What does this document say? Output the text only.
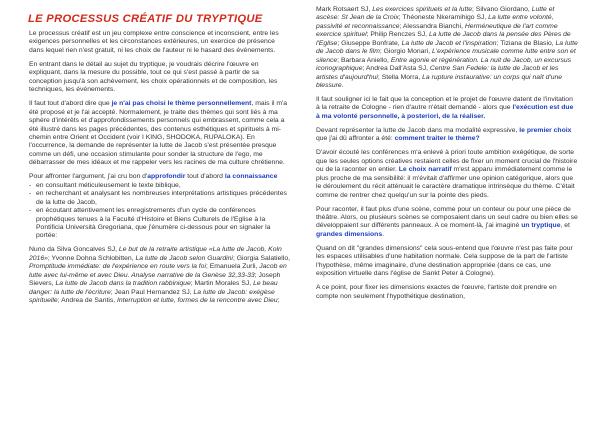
LE PROCESSUS CRÉATIF DU TRYPTIQUE

Le processus créatif est un jeu complexe entre conscience et inconscient, entre les exigences personnelles et les circonstances extérieures, un exercice de présence dans lequel rien n'est gratuit, ni les choix de l'auteur ni le hasard des événements.

En entrant dans le détail au sujet du tryptique, je voudrais décrire l'œuvre en expliquant, dans la mesure du possible, tout ce qui s'est passé à partir de sa conception jusqu'à son achèvement, les choix opérationnels et de composition, les techniques, les événements.

Il faut tout d'abord dire que je n'ai pas choisi le thème personnellement, mais il m'a été proposé et je l'ai accepté. Normalement, je traite des thèmes qui sont liés à ma sphère d'intérêts et d'approfondissements personnels qui embrassent, comme cela a été illustré dans les pages précédentes, des contenus esthétiques et spirituels à mi-chemin entre Orient et Occident (voir I KING, SHODOKA, RUPALOKA). En l'occurrence, la demande de représenter la lutte de Jacob s'est présentée presque comme un défi, une occasion stimulante pour sonder la structure de l'ego, me débarrasser de mes idéaux et me rappeler vers les racines de ma culture chrétienne.

Pour affronter l'argument, j'ai cru bon d'approfondir tout d'abord la connaissance

- en consultant méticuleusement le texte biblique,
- en recherchant et analysant les nombreuses interprétations artistiques précédentes de la lutte de Jacob,
- en écoutant attentivement les enregistrements d'un cycle de conférences prophétiques tenues à la Faculté d'Histoire et Biens Culturels de l'Eglise à la Pontificia Università Gregoriana, que j'énumère ci-dessous pour en signaler la portée:

Nuno da Silva Goncalves SJ, Le but de la retraite artistique «La lutte de Jacob, Koln 2016»; Yvonne Dohna Schlobitten, La lutte de Jacob selon Guardini; Giorgia Salatiello, Promptitude immédiate: de l'expérience en route vers la foi; Emanuela Zurli, Jacob en lutte avec lui-même et avec Dieu. Analyse narrative de la Genèse 32,33-33; Joseph Sievers, La lutte de Jacob dans la tradition rabbinique; Martin Morales SJ, Le beau danger: la lutte de l'écriture; Jean Paul Hernandez SJ, La lutte de Jacob: exégèse spirituelle; Andrea de Santis, Interruption et lutte, formes de la rencontre avec Dieu;

Mark Rotsaert SJ, Les exercices spirituels et la lutte; Silvano Giordano, Lutte et ascèse: St Jean de la Croix; Théoneste Nkeramihigo SJ, La lutte entre volonté, passivité et reconnaissance; Alessandra Bianchi, Herméneutique de l'art comme exercice spirituel; Philip Renczes SJ, La lutte de Jacob dans la pensée des Pères de l'Eglise; Giuseppe Bonfrate, La lutte de Jacob et l'inspiration; Tiziana de Blasio, La lutte de Jacob dans le film; Giorgio Monari, L'expérience musicale comme lutte entre son et silence; Barbara Aniello, Entre agonie et régénération. La nuit de Jacob, un excursus iconographique; Andrea Dall'Asta SJ, Centre San Fedele: la lutte de Jacob et les artistes d'aujourd'hui; Stella Morra, La rupture instaurative: un corps qui naît d'une blessure.

Il faut souligner ici le fait que la conception et le projet de l'œuvre datent de l'invitation à la retraite de Cologne - rien d'autre n'était demandé - alors que l'exécution est due à ma volonté personnelle, à posteriori, de la réaliser.

Devant représenter la lutte de Jacob dans ma modalité expressive, le premier choix que j'ai dû affronter a été: comment traiter le thème?

D'avoir écouté les conférences m'a enlevé à priori toute ambition exégétique, de sorte que les seules options créatives restaient celles de fixer un moment crucial de l'histoire ou de la raconter en entier. Le choix narratif m'est apparu immédiatement comme le plus proche de ma sensibilité: il m'évitait d'affirmer une opinion catégorique, alors que le déroulement du récit atténuait le caractère dramatique intrinsèque du thème. C'était comme de rentrer chez quelqu'un sur la pointe des pieds.

Pour raconter, il faut plus d'une scène, comme pour un conteur ou pour une pièce de théâtre. Alors, ou plusieurs scènes se composaient dans un seul cadre ou bien elles se développaient sur différents panneaux. A ce moment-là, j'ai imaginé un tryptique, et grandes dimensions.

Quand on dit "grandes dimensions" cela sous-entend que l'œuvre n'est pas faite pour les espaces utilisables d'une habitation normale. Cela suppose de la part de l'artiste l'hypothèse, même imaginaire, d'une destination appropriée (dans ce cas, une exposition virtuelle dans l'église de Sankt Peter à Cologne).

A ce point, pour fixer les dimensions exactes de l'œuvre, l'artiste doit prendre en compte non seulement l'hypothétique destination,
